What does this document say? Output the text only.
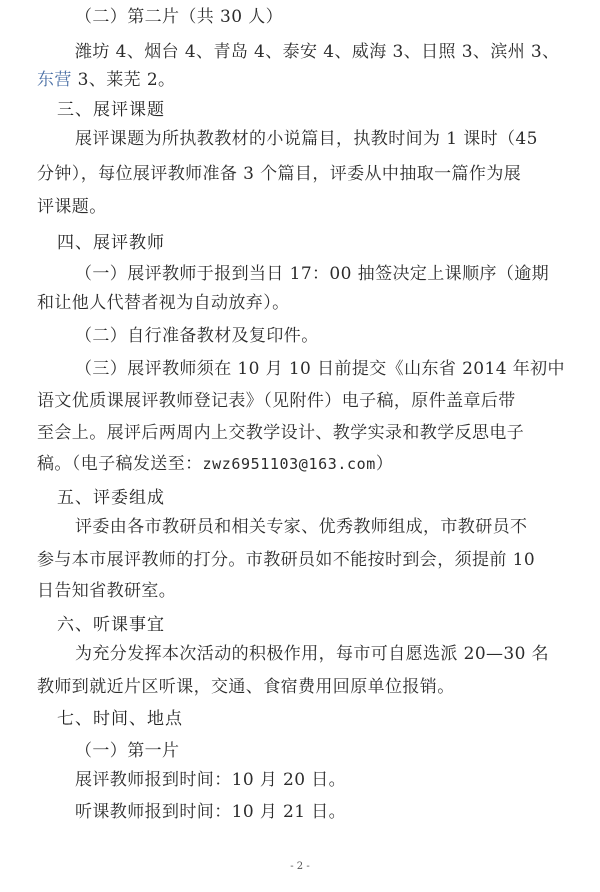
（二）第二片（共 30 人）
潍坊 4、烟台 4、青岛 4、泰安 4、威海 3、日照 3、滨州 3、
东营 3、莱芜 2。
三、展评课题
展评课题为所执教教材的小说篇目，执教时间为 1 课时（45
分钟），每位展评教师准备 3 个篇目，评委从中抽取一篇作为展
评课题。
四、展评教师
（一）展评教师于报到当日 17：00 抽签决定上课顺序（逾期
和让他人代替者视为自动放弃）。
（二）自行准备教材及复印件。
（三）展评教师须在 10 月 10 日前提交《山东省 2014 年初中
语文优质课展评教师登记表》（见附件）电子稿，原件盖章后带
至会上。展评后两周内上交教学设计、教学实录和教学反思电子
稿。（电子稿发送至：zwz6951103@163.com）
五、评委组成
评委由各市教研员和相关专家、优秀教师组成，市教研员不
参与本市展评教师的打分。市教研员如不能按时到会，须提前 10
日告知省教研室。
六、听课事宜
为充分发挥本次活动的积极作用，每市可自愿选派 20—30 名
教师到就近片区听课，交通、食宿费用回原单位报销。
七、时间、地点
（一）第一片
展评教师报到时间：10 月 20 日。
听课教师报到时间：10 月 21 日。
- 2 -
